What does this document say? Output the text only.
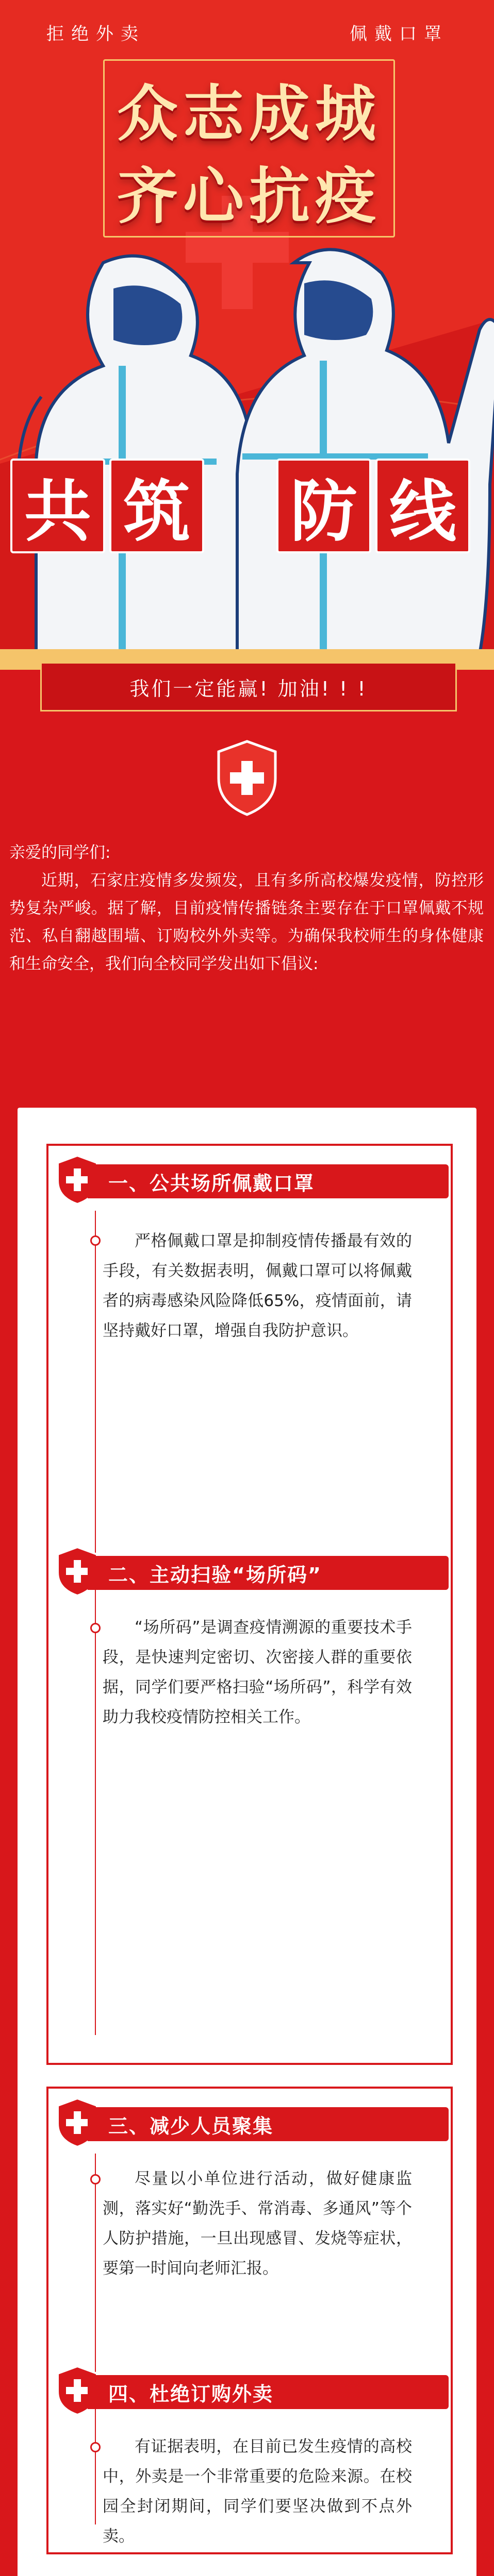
拒绝外卖	佩戴口罩
众志成城
齐心抗疫
共 筑 防 线
我们一定能赢! 加油! ! !

亲爱的同学们:

近期，石家庄疫情多发频发，且有多所高校爆发疫情，防控形势复杂严峻。据了解，目前疫情传播链条主要存在于口罩佩戴不规范、私自翻越围墙、订购校外外卖等。为确保我校师生的身体健康和生命安全，我们向全校同学发出如下倡议:

一、公共场所佩戴口罩
严格佩戴口罩是抑制疫情传播最有效的手段，有关数据表明，佩戴口罩可以将佩戴者的病毒感染风险降低65%，疫情面前，请坚持戴好口罩，增强自我防护意识。
二、主动扫验“场所码”
“场所码”是调查疫情溯源的重要技术手段，是快速判定密切、次密接人群的重要依据，同学们要严格扫验“场所码”，科学有效助力我校疫情防控相关工作。
三、减少人员聚集
尽量以小单位进行活动，做好健康监测，落实好“勤洗手、常消毒、多通风”等个人防护措施，一旦出现感冒、发烧等症状，要第一时间向老师汇报。
四、杜绝订购外卖
有证据表明，在目前已发生疫情的高校中，外卖是一个非常重要的危险来源。在校园全封闭期间，同学们要坚决做到不点外卖。
